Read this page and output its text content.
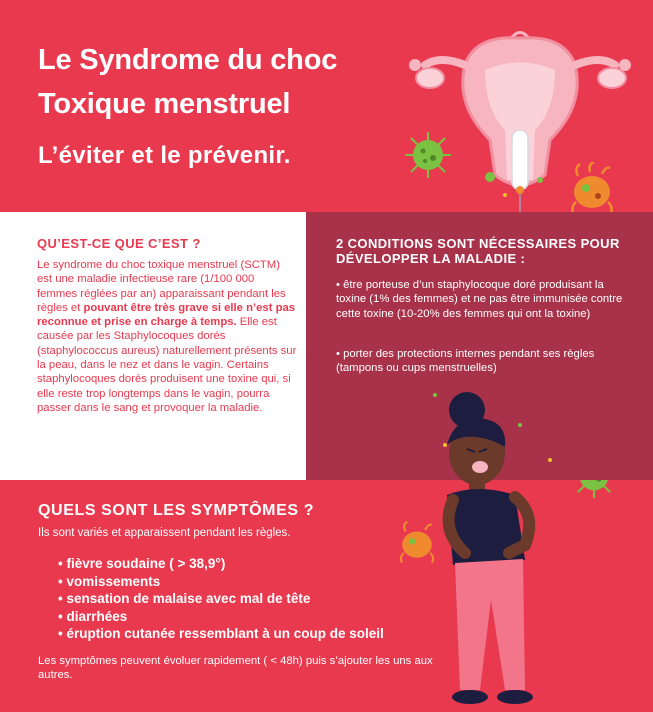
Le Syndrome du choc
Toxique menstruel
L’éviter et le prévenir.
QU’EST-CE QUE C’EST ?
Le syndrome du choc toxique menstruel (SCTM) est une maladie infectieuse rare (1/100 000 femmes réglées par an) apparaissant pendant les règles et pouvant être très grave si elle n’est pas reconnue et prise en charge à temps. Elle est causée par les Staphylocoques dorés (staphylococcus aureus) naturellement présents sur la peau, dans le nez et dans le vagin. Certains staphylocoques dorés produisent une toxine qui, si elle reste trop longtemps dans le vagin, pourra passer dans le sang et provoquer la maladie.
2 CONDITIONS SONT NÉCESSAIRES POUR DÉVELOPPER LA MALADIE :
• être porteuse d’un staphylocoque doré produisant la toxine (1% des femmes) et ne pas être immunisée contre cette toxine (10-20% des femmes qui ont la toxine)
• porter des protections internes pendant ses règles (tampons ou cups menstruelles)
QUELS SONT LES SYMPTÔMES ?
Ils sont variés et apparaissent pendant les règles.
• fièvre soudaine ( > 38,9°)
• vomissements
• sensation de malaise avec mal de tête
• diarrhées
• éruption cutanée ressemblant à un coup de soleil
Les symptômes peuvent évoluer rapidement ( < 48h) puis s’ajouter les uns aux autres.
